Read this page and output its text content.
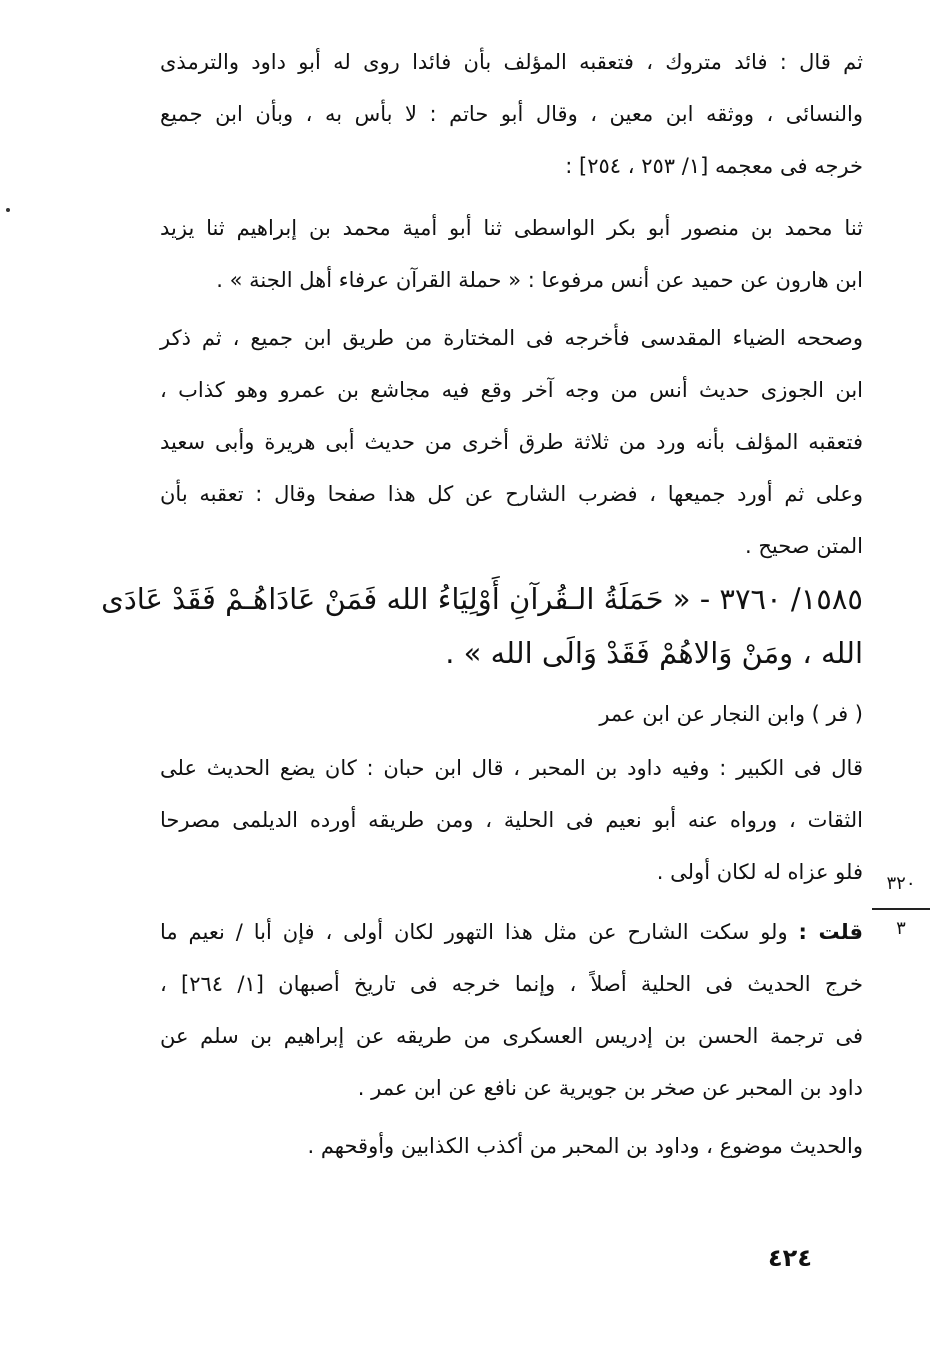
ثم قال : فائد متروك ، فتعقبه المؤلف بأن فائدا روى له أبو داود والترمذى
والنسائى ، ووثقه ابن معين ، وقال أبو حاتم : لا بأس به ، وبأن ابن جميع
خرجه فى معجمه [١/ ٢٥٣ ، ٢٥٤] :
ثنا محمد بن منصور أبو بكر الواسطى ثنا أبو أمية محمد بن إبراهيم ثنا يزيد
ابن هارون عن حميد عن أنس مرفوعا : « حملة القرآن عرفاء أهل الجنة » .
وصححه الضياء المقدسى فأخرجه فى المختارة من طريق ابن جميع ، ثم ذكر
ابن الجوزى حديث أنس من وجه آخر وقع فيه مجاشع بن عمرو وهو كذاب ،
فتعقبه المؤلف بأنه ورد من ثلاثة طرق أخرى من حديث أبى هريرة وأبى سعيد
وعلى ثم أورد جميعها ، فضرب الشارح عن كل هذا صفحا وقال : تعقبه بأن
المتن صحيح .
١٥٨٥/ ٣٧٦٠ - « حَمَلَةُ الـقُرآنِ أَوْلِيَاءُ الله فَمَنْ عَادَاهُـمْ فَقَدْ عَادَى
الله ، ومَنْ وَالاهُمْ فَقَدْ وَالَى الله » .
( فر ) وابن النجار عن ابن عمر
قال فى الكبير : وفيه داود بن المحبر ، قال ابن حبان : كان يضع الحديث على
الثقات ، ورواه عنه أبو نعيم فى الحلية ، ومن طريقه أورده الديلمى مصرحا
فلو عزاه له لكان أولى .
قلت : ولو سكت الشارح عن مثل هذا التهور لكان أولى ، فإن أبا / نعيم ما
خرج الحديث فى الحلية أصلاً ، وإنما خرجه فى تاريخ أصبهان [١/ ٢٦٤] ،
فى ترجمة الحسن بن إدريس العسكرى من طريقه عن إبراهيم بن سلم عن
داود بن المحبر عن صخر بن جويرية عن نافع عن ابن عمر .
والحديث موضوع ، وداود بن المحبر من أكذب الكذابين وأوقحهم .
٣٢٠
٣
٤٢٤
